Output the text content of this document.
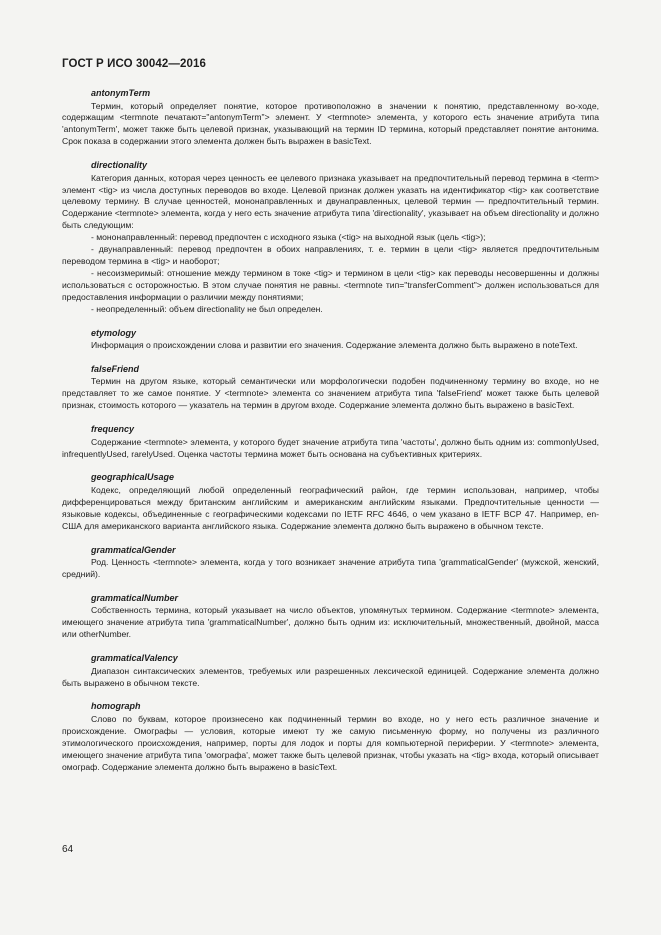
ГОСТ Р ИСО 30042—2016
antonymTerm

Термин, который определяет понятие, которое противоположно в значении к понятию, представленному во-ходе, содержащим <termnote печатают="antonymTerm"> элемент. У <termnote> элемента, у которого есть значение атрибута типа 'antonymTerm', может также быть целевой признак, указывающий на термин ID термина, который представляет понятие антонима. Срок показа в содержании этого элемента должен быть выражен в basicText.

directionality

Категория данных, которая через ценность ее целевого признака указывает на предпочтительный перевод термина в <term> элемент <tig> из числа доступных переводов во входе. Целевой признак должен указать на идентификатор <tig> как соответствие целевому термину. В случае ценностей, мононаправленных и двунаправленных, целевой термин — предпочтительный термин. Содержание <termnote> элемента, когда у него есть значение атрибута типа 'directionality', указывает на объем directionality и должно быть следующим:

- мононаправленный: перевод предпочтен с исходного языка (<tig> на выходной язык (цель <tig>);

- двунаправленный: перевод предпочтен в обоих направлениях, т. е. термин в цели <tig> является предпочтительным переводом термина в <tig> и наоборот;

- несоизмеримый: отношение между термином в токе <tig> и термином в цели <tig> как переводы несовершенны и должны использоваться с осторожностью. В этом случае понятия не равны. <termnote тип="transferComment"> должен использоваться для предоставления информации о различии между понятиями;

- неопределенный: объем directionality не был определен.

etymology

Информация о происхождении слова и развитии его значения. Содержание элемента должно быть выражено в noteText.

falseFriend

Термин на другом языке, который семантически или морфологически подобен подчиненному термину во входе, но не представляет то же самое понятие. У <termnote> элемента со значением атрибута типа 'falseFriend' может также быть целевой признак, стоимость которого — указатель на термин в другом входе. Содержание элемента должно быть выражено в basicText.

frequency

Содержание <termnote> элемента, у которого будет значение атрибута типа 'частоты', должно быть одним из: commonlyUsed, infrequentlyUsed, rarelyUsed. Оценка частоты термина может быть основана на субъективных критериях.

geographicalUsage

Кодекс, определяющий любой определенный географический район, где термин использован, например, чтобы дифференцироваться между британским английским и американским английским языками. Предпочтительные ценности — языковые кодексы, объединенные с географическими кодексами по IETF RFC 4646, о чем указано в IETF BCP 47. Например, en-США для американского варианта английского языка. Содержание элемента должно быть выражено в обычном тексте.

grammaticalGender

Род. Ценность <termnote> элемента, когда у того возникает значение атрибута типа 'grammaticalGender' (мужской, женский, средний).

grammaticalNumber

Собственность термина, который указывает на число объектов, упомянутых термином. Содержание <termnote> элемента, имеющего значение атрибута типа 'grammaticalNumber', должно быть одним из: исключительный, множественный, двойной, масса или otherNumber.

grammaticalValency

Диапазон синтаксических элементов, требуемых или разрешенных лексической единицей. Содержание элемента должно быть выражено в обычном тексте.

homograph

Слово по буквам, которое произнесено как подчиненный термин во входе, но у него есть различное значение и происхождение. Омографы — условия, которые имеют ту же самую письменную форму, но получены из различного этимологического происхождения, например, порты для лодок и порты для компьютерной периферии. У <termnote> элемента, имеющего значение атрибута типа 'омографа', может также быть целевой признак, чтобы указать на <tig> входа, который описывает омограф. Содержание элемента должно быть выражено в basicText.

64
